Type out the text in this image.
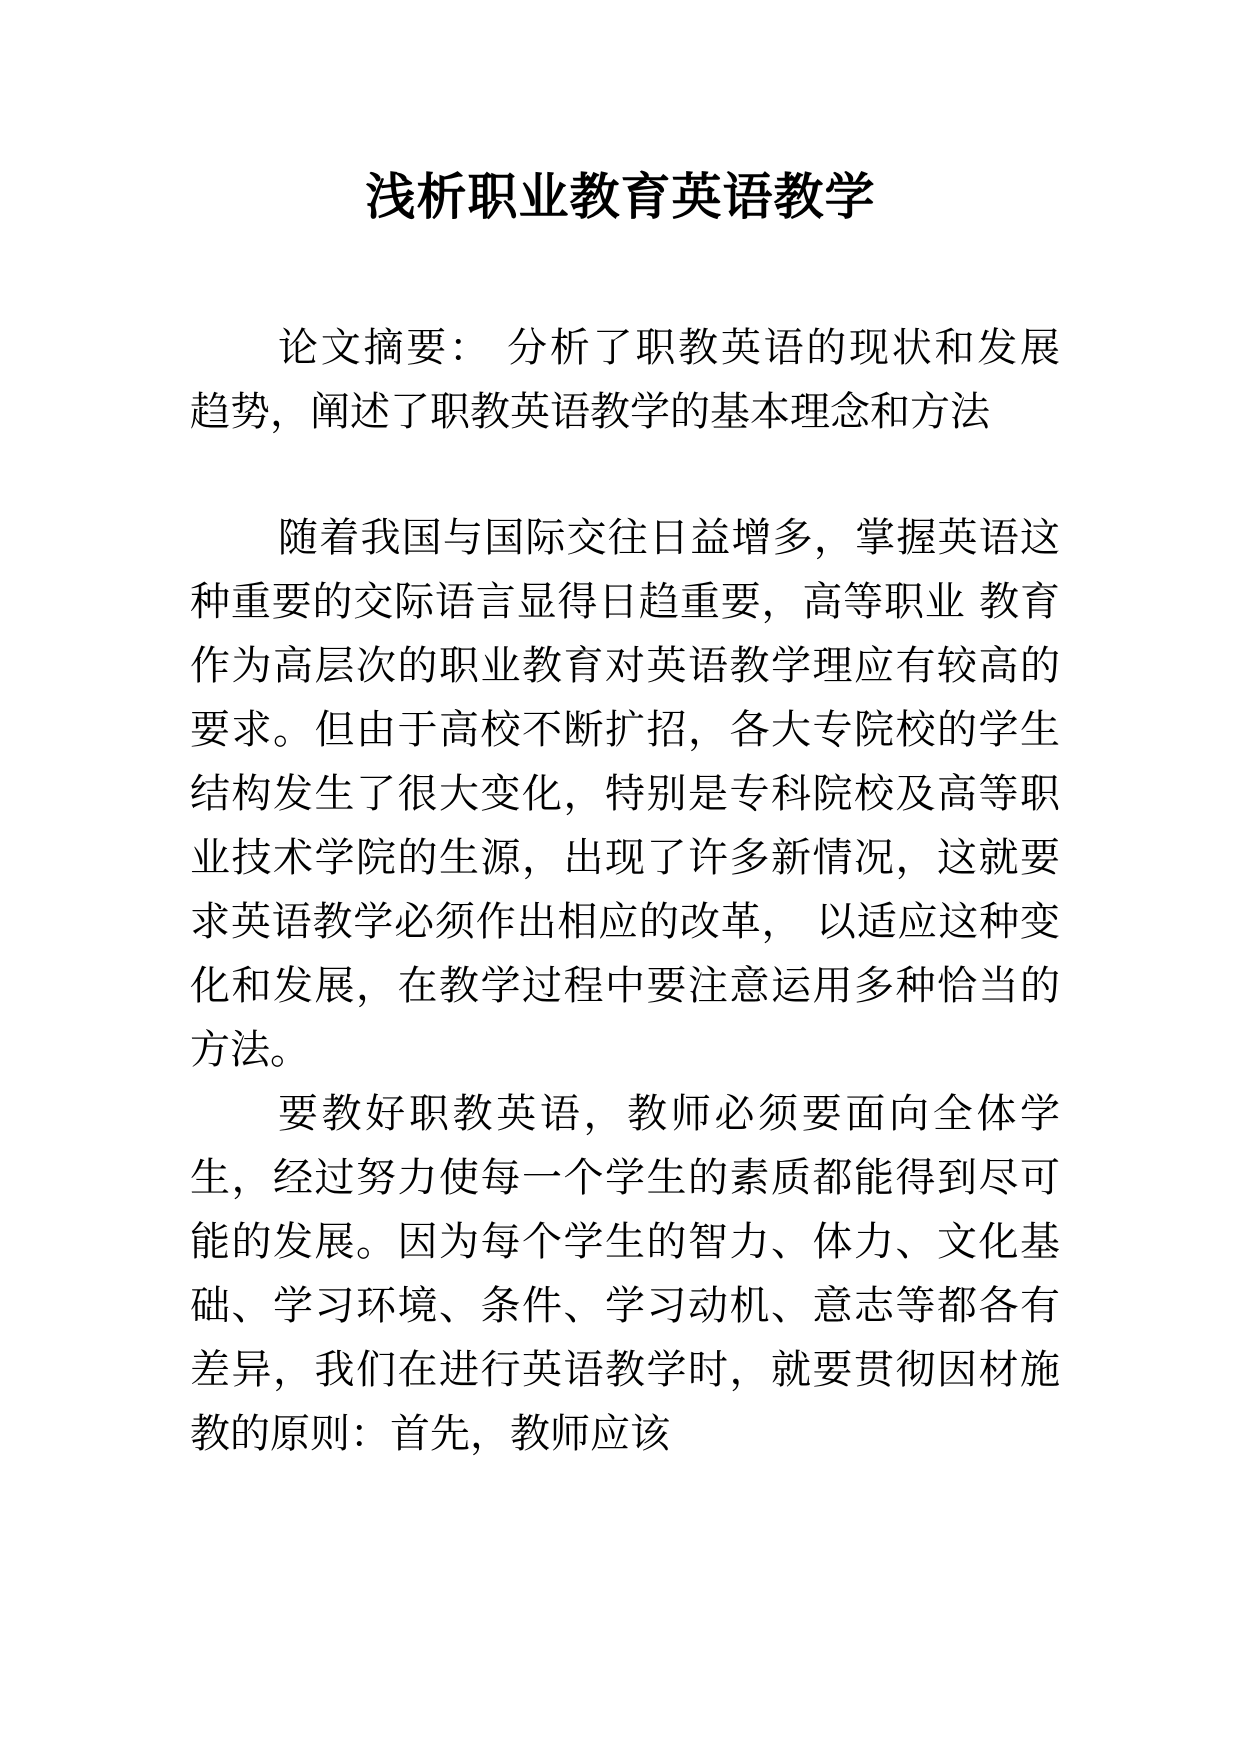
浅析职业教育英语教学

论文摘要： 分析了职教英语的现状和发展 趋势，阐述了职教英语教学的基本理念和方法

随着我国与国际交往日益增多，掌握英语这种重要的交际语言显得日趋重要，高等职业 教育 作为高层次的职业教育对英语教学理应有较高的要求。但由于高校不断扩招，各大专院校的学生结构发生了很大变化，特别是专科院校及高等职业技术学院的生源，出现了许多新情况，这就要求英语教学必须作出相应的改革， 以适应这种变化和发展，在教学过程中要注意运用多种恰当的方法。

要教好职教英语，教师必须要面向全体学生，经过努力使每一个学生的素质都能得到尽可能的发展。因为每个学生的智力、体力、文化基础、学习环境、条件、学习动机、意志等都各有差异，我们在进行英语教学时，就要贯彻因材施教的原则：首先，教师应该
